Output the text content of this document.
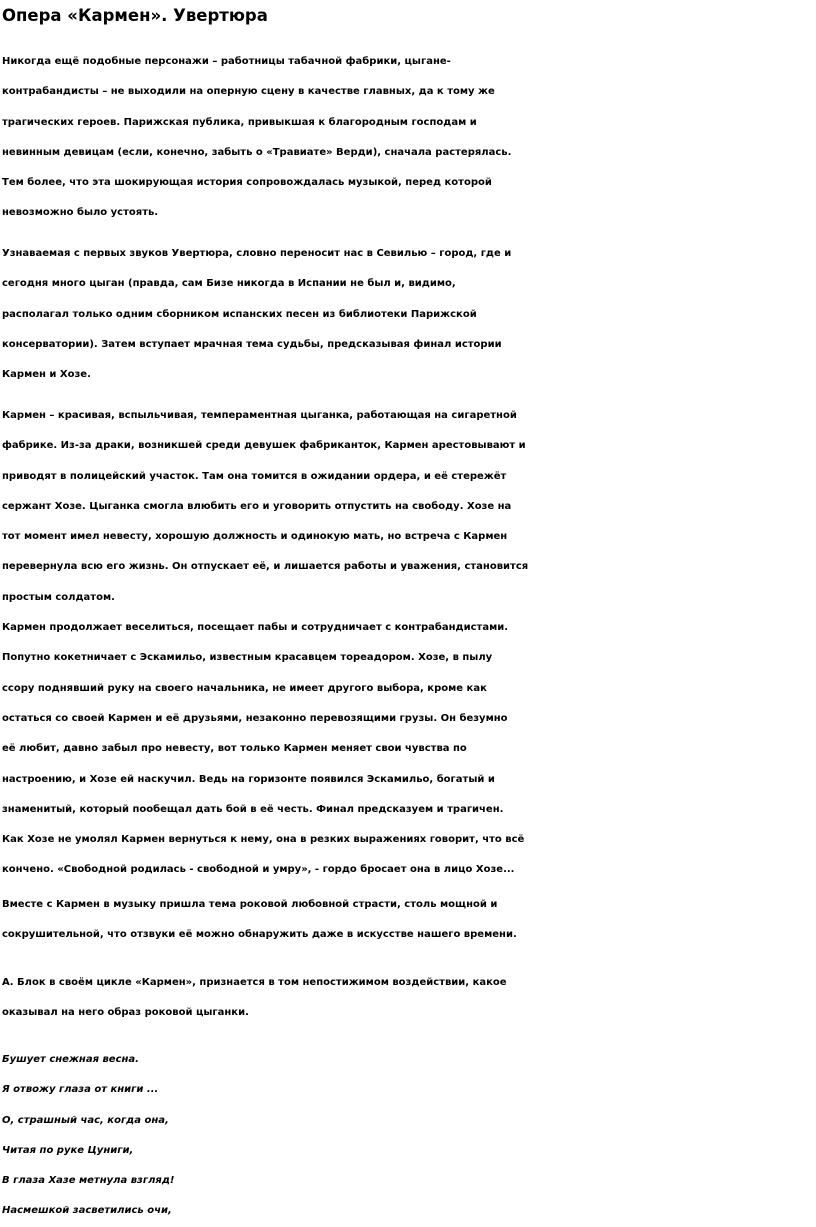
Опера «Кармен». Увертюра
Никогда ещё подобные персонажи – работницы табачной фабрики, цыгане-
контрабандисты – не выходили на оперную сцену в качестве главных, да к тому же
трагических героев. Парижская публика, привыкшая к благородным господам и
невинным девицам (если, конечно, забыть о «Травиате» Верди), сначала растерялась.
Тем более, что эта шокирующая история сопровождалась музыкой, перед которой
невозможно было устоять.
Узнаваемая с первых звуков Увертюра, словно переносит нас в Севилью – город, где и
сегодня много цыган (правда, сам Бизе никогда в Испании не был и, видимо,
располагал только одним сборником испанских песен из библиотеки Парижской
консерватории). Затем вступает мрачная тема судьбы, предсказывая финал истории
Кармен и Хозе.
Кармен – красивая, вспыльчивая, темпераментная цыганка, работающая на сигаретной
фабрике. Из-за драки, возникшей среди девушек фабриканток, Кармен арестовывают и
приводят в полицейский участок. Там она томится в ожидании ордера, и её стережёт
сержант Хозе. Цыганка смогла влюбить его и уговорить отпустить на свободу. Хозе на
тот момент имел невесту, хорошую должность и одинокую мать, но встреча с Кармен
перевернула всю его жизнь. Он отпускает её, и лишается работы и уважения, становится
простым солдатом.
Кармен продолжает веселиться, посещает пабы и сотрудничает с контрабандистами.
Попутно кокетничает с Эскамильо, известным красавцем тореадором. Хозе, в пылу
ссору поднявший руку на своего начальника, не имеет другого выбора, кроме как
остаться со своей Кармен и её друзьями, незаконно перевозящими грузы. Он безумно
её любит, давно забыл про невесту, вот только Кармен меняет свои чувства по
настроению, и Хозе ей наскучил. Ведь на горизонте появился Эскамильо, богатый и
знаменитый, который пообещал дать бой в её честь. Финал предсказуем и трагичен.
Как Хозе не умолял Кармен вернуться к нему, она в резких выражениях говорит, что всё
кончено. «Свободной родилась - свободной и умру», - гордо бросает она в лицо Хозе...
Вместе с Кармен в музыку пришла тема роковой любовной страсти, столь мощной и
сокрушительной, что отзвуки её можно обнаружить даже в искусстве нашего времени.
А. Блок в своём цикле «Кармен», признается в том непостижимом воздействии, какое
оказывал на него образ роковой цыганки.
Бушует снежная весна.
Я отвожу глаза от книги ...
О, страшный час, когда она,
Читая по руке Цуниги,
В глаза Хазе метнула взгляд!
Насмешкой засветились очи,
